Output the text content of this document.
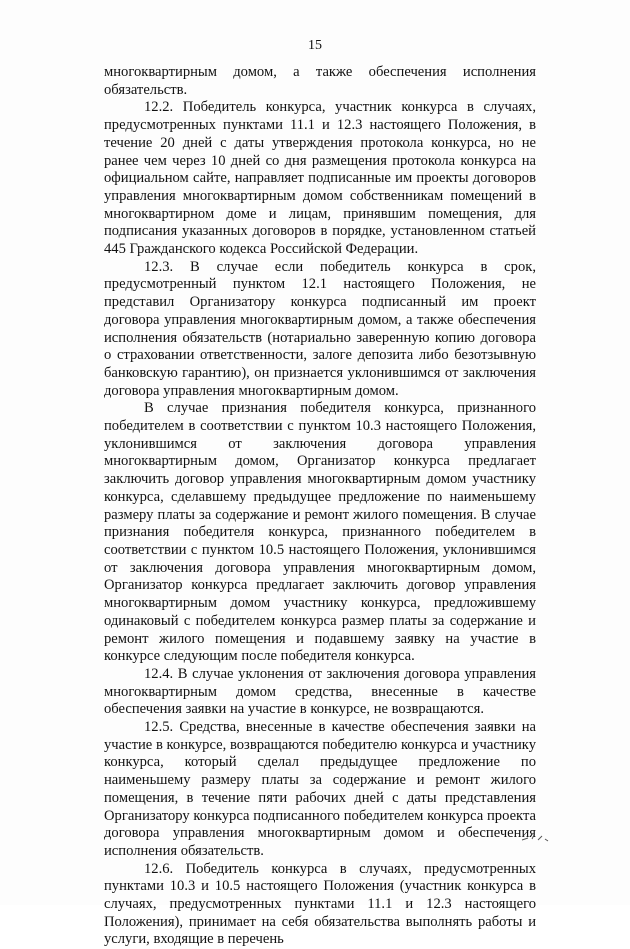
15

многоквартирным домом, а также обеспечения исполнения обязательств.

12.2. Победитель конкурса, участник конкурса в случаях, предусмотренных пунктами 11.1 и 12.3 настоящего Положения, в течение 20 дней с даты утверждения протокола конкурса, но не ранее чем через 10 дней со дня размещения протокола конкурса на официальном сайте, направляет подписанные им проекты договоров управления многоквартирным домом собственникам помещений в многоквартирном доме и лицам, принявшим помещения, для подписания указанных договоров в порядке, установленном статьей 445 Гражданского кодекса Российской Федерации.

12.3. В случае если победитель конкурса в срок, предусмотренный пунктом 12.1 настоящего Положения, не представил Организатору конкурса подписанный им проект договора управления многоквартирным домом, а также обеспечения исполнения обязательств (нотариально заверенную копию договора о страховании ответственности, залоге депозита либо безотзывную банковскую гарантию), он признается уклонившимся от заключения договора управления многоквартирным домом.

В случае признания победителя конкурса, признанного победителем в соответствии с пунктом 10.3 настоящего Положения, уклонившимся от заключения договора управления многоквартирным домом, Организатор конкурса предлагает заключить договор управления многоквартирным домом участнику конкурса, сделавшему предыдущее предложение по наименьшему размеру платы за содержание и ремонт жилого помещения. В случае признания победителя конкурса, признанного победителем в соответствии с пунктом 10.5 настоящего Положения, уклонившимся от заключения договора управления многоквартирным домом, Организатор конкурса предлагает заключить договор управления многоквартирным домом участнику конкурса, предложившему одинаковый с победителем конкурса размер платы за содержание и ремонт жилого помещения и подавшему заявку на участие в конкурсе следующим после победителя конкурса.

12.4. В случае уклонения от заключения договора управления многоквартирным домом средства, внесенные в качестве обеспечения заявки на участие в конкурсе, не возвращаются.

12.5. Средства, внесенные в качестве обеспечения заявки на участие в конкурсе, возвращаются победителю конкурса и участнику конкурса, который сделал предыдущее предложение по наименьшему размеру платы за содержание и ремонт жилого помещения, в течение пяти рабочих дней с даты представления Организатору конкурса подписанного победителем конкурса проекта договора управления многоквартирным домом и обеспечения исполнения обязательств.

12.6. Победитель конкурса в случаях, предусмотренных пунктами 10.3 и 10.5 настоящего Положения (участник конкурса в случаях, предусмотренных пунктами 11.1 и 12.3 настоящего Положения), принимает на себя обязательства выполнять работы и услуги, входящие в перечень
